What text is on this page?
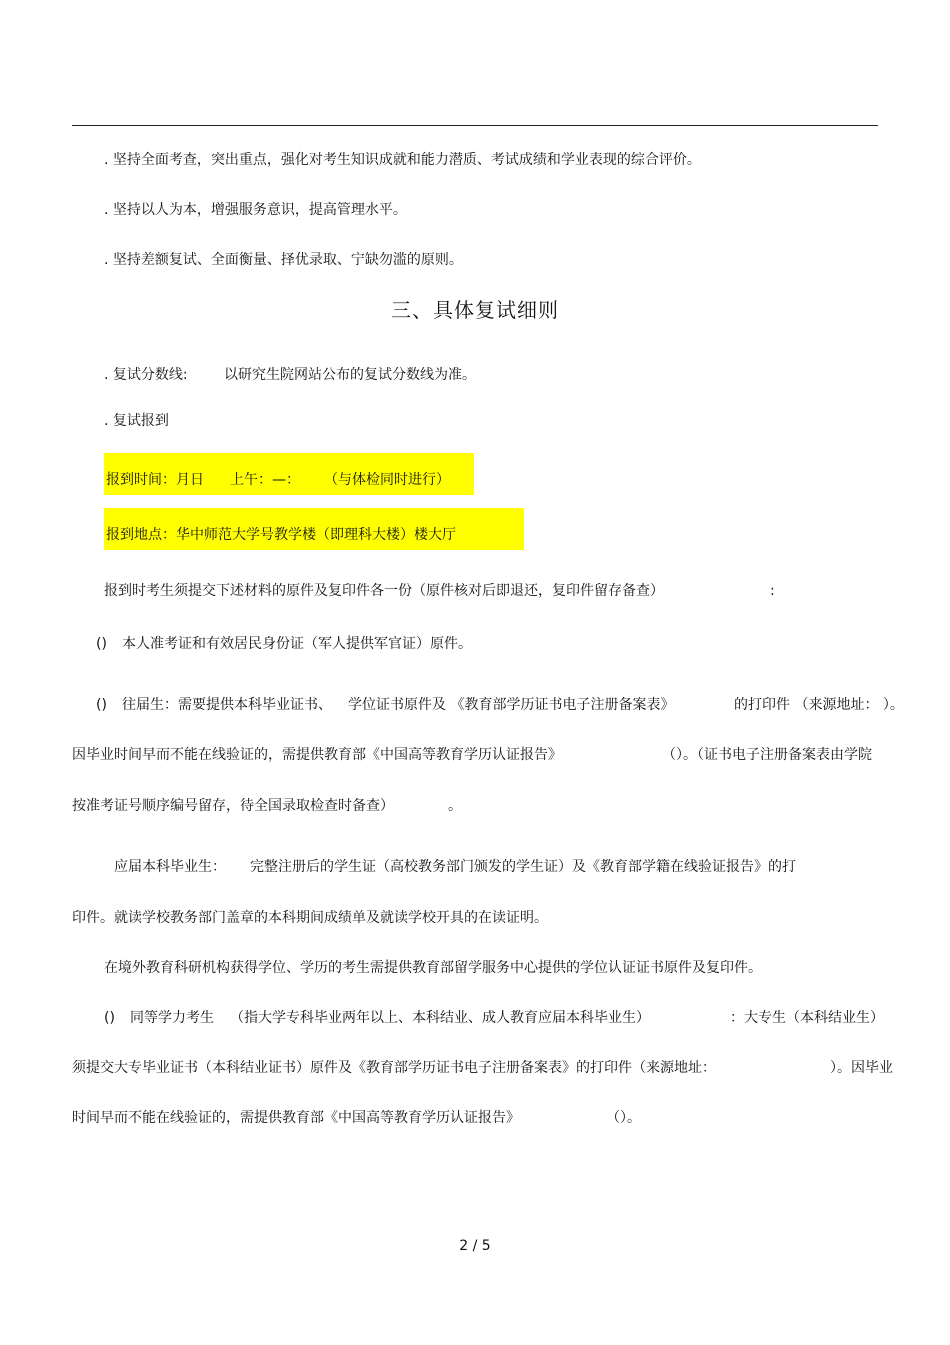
. 坚持全面考查，突出重点，强化对考生知识成就和能力潜质、考试成绩和学业表现的综合评价。
. 坚持以人为本，增强服务意识，提高管理水平。
. 坚持差额复试、全面衡量、择优录取、宁缺勿滥的原则。
三、具体复试细则
. 复试分数线:	以研究生院网站公布的复试分数线为准。
. 复试报到
报到时间：月日 上午：—： （与体检同时进行）
报到地点：华中师范大学号教学楼（即理科大楼）楼大厅
报到时考生须提交下述材料的原件及复印件各一份（原件核对后即退还，复印件留存备查）	:
() 本人准考证和有效居民身份证（军人提供军官证）原件。
() 往届生：需要提供本科毕业证书、 学位证书原件及 《教育部学历证书电子注册备案表》	的打印件 （来源地址： ）。
因毕业时间早而不能在线验证的，需提供教育部《中国高等教育学历认证报告》	（）。（证书电子注册备案表由学院
按准考证号顺序编号留存，待全国录取检查时备查）	。
应届本科毕业生： 完整注册后的学生证（高校教务部门颁发的学生证）及《教育部学籍在线验证报告》的打
印件。就读学校教务部门盖章的本科期间成绩单及就读学校开具的在读证明。
在境外教育科研机构获得学位、学历的考生需提供教育部留学服务中心提供的学位认证证书原件及复印件。
() 同等学力考生 （指大学专科毕业两年以上、本科结业、成人教育应届本科毕业生）	：大专生（本科结业生）
须提交大专毕业证书（本科结业证书）原件及《教育部学历证书电子注册备案表》的打印件（来源地址：	）。因毕业
时间早而不能在线验证的，需提供教育部《中国高等教育学历认证报告》	（）。
2 / 5
